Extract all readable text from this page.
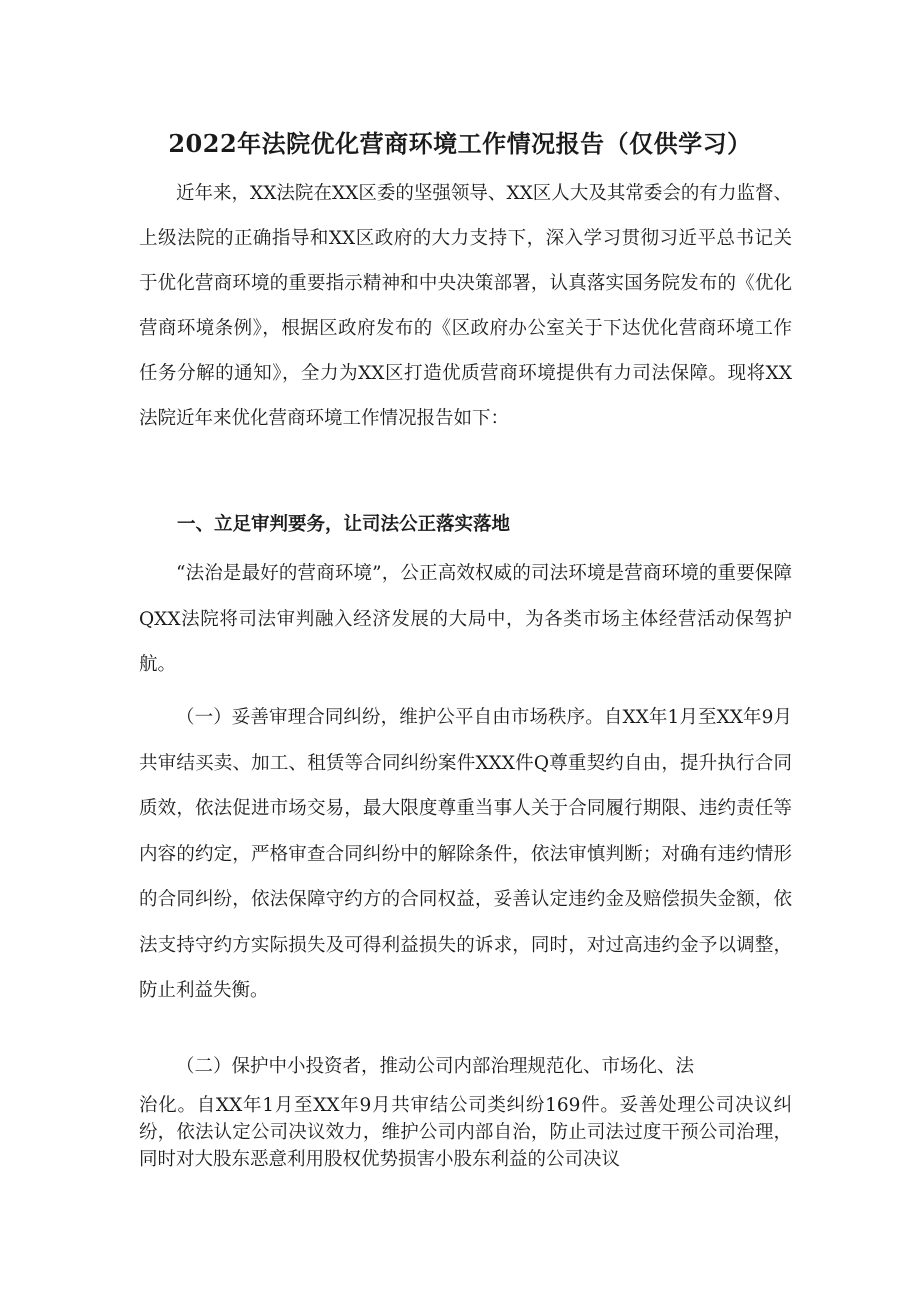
2022年法院优化营商环境工作情况报告（仅供学习）

近年来，XX法院在XX区委的坚强领导、XX区人大及其常委会的有力监督、上级法院的正确指导和XX区政府的大力支持下，深入学习贯彻习近平总书记关于优化营商环境的重要指示精神和中央决策部署，认真落实国务院发布的《优化营商环境条例》，根据区政府发布的《区政府办公室关于下达优化营商环境工作任务分解的通知》，全力为XX区打造优质营商环境提供有力司法保障。现将XX法院近年来优化营商环境工作情况报告如下：

一、立足审判要务，让司法公正落实落地

“法治是最好的营商环境”，公正高效权威的司法环境是营商环境的重要保障QXX法院将司法审判融入经济发展的大局中，为各类市场主体经营活动保驾护航。

（一）妥善审理合同纠纷，维护公平自由市场秩序。自XX年1月至XX年9月共审结买卖、加工、租赁等合同纠纷案件XXX件Q尊重契约自由，提升执行合同质效，依法促进市场交易，最大限度尊重当事人关于合同履行期限、违约责任等内容的约定，严格审查合同纠纷中的解除条件，依法审慎判断；对确有违约情形的合同纠纷，依法保障守约方的合同权益，妥善认定违约金及赔偿损失金额，依法支持守约方实际损失及可得利益损失的诉求，同时，对过高违约金予以调整，防止利益失衡。

（二）保护中小投资者，推动公司内部治理规范化、市场化、法

治化。自XX年1月至XX年9月共审结公司类纠纷169件。妥善处理公司决议纠纷，依法认定公司决议效力，维护公司内部自治，防止司法过度干预公司治理，同时对大股东恶意利用股权优势损害小股东利益的公司决议
